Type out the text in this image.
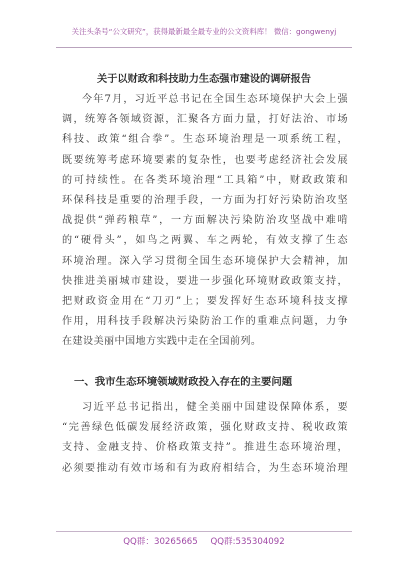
关注头条号“公文研究”，获得最新最全最专业的公文资料库！ 微信：gongwenyj
关于以财政和科技助力生态强市建设的调研报告
今年7月，习近平总书记在全国生态环境保护大会上强
调，统筹各领域资源，汇聚各方面力量，打好法治、市场
科技、政策“组合拳”。生态环境治理是一项系统工程，
既要统筹考虑环境要素的复杂性，也要考虑经济社会发展
的可持续性。在各类环境治理“工具箱”中，财政政策和
环保科技是重要的治理手段，一方面为打好污染防治攻坚
战提供“弹药粮草”，一方面解决污染防治攻坚战中难啃
的“硬骨头”，如鸟之两翼、车之两轮，有效支撑了生态
环境治理。深入学习贯彻全国生态环境保护大会精神，加
快推进美丽城市建设，要进一步强化环境财政政策支持，
把财政资金用在“刀刃”上；要发挥好生态环境科技支撑
作用，用科技手段解决污染防治工作的重难点问题，力争
在建设美丽中国地方实践中走在全国前列。
一、我市生态环境领域财政投入存在的主要问题
习近平总书记指出，健全美丽中国建设保障体系，要
“完善绿色低碳发展经济政策，强化财政支持、税收政策
支持、金融支持、价格政策支持”。推进生态环境治理，
必须要推动有效市场和有为政府相结合，为生态环境治理
QQ群：30265665 QQ群:535304092
